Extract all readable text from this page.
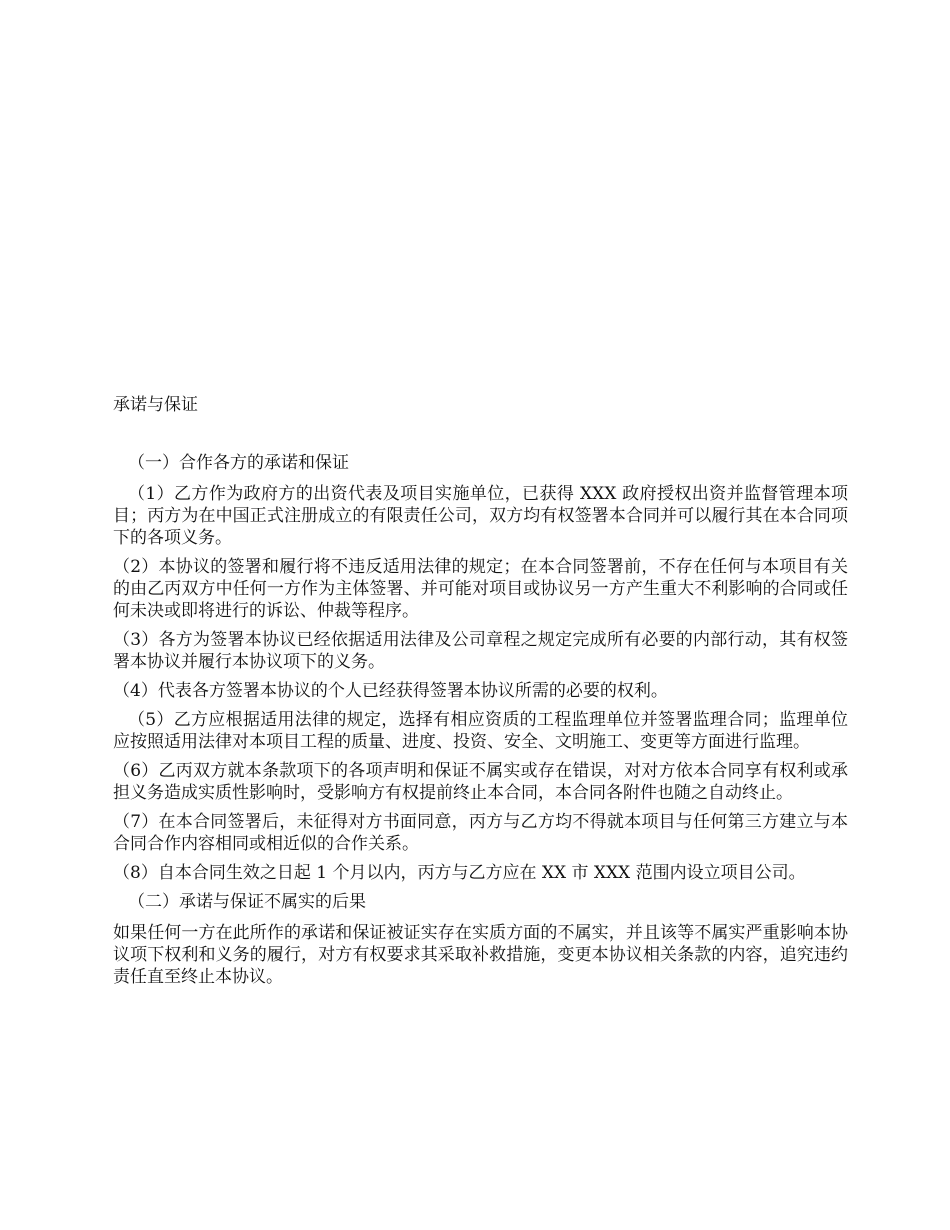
承诺与保证
（一）合作各方的承诺和保证
（1）乙方作为政府方的出资代表及项目实施单位，已获得 XXX 政府授权出资并监督管理本项目；丙方为在中国正式注册成立的有限责任公司，双方均有权签署本合同并可以履行其在本合同项下的各项义务。
（2）本协议的签署和履行将不违反适用法律的规定；在本合同签署前，不存在任何与本项目有关的由乙丙双方中任何一方作为主体签署、并可能对项目或协议另一方产生重大不利影响的合同或任何未决或即将进行的诉讼、仲裁等程序。
（3）各方为签署本协议已经依据适用法律及公司章程之规定完成所有必要的内部行动，其有权签署本协议并履行本协议项下的义务。
（4）代表各方签署本协议的个人已经获得签署本协议所需的必要的权利。
（5）乙方应根据适用法律的规定，选择有相应资质的工程监理单位并签署监理合同；监理单位应按照适用法律对本项目工程的质量、进度、投资、安全、文明施工、变更等方面进行监理。
（6）乙丙双方就本条款项下的各项声明和保证不属实或存在错误，对对方依本合同享有权利或承担义务造成实质性影响时，受影响方有权提前终止本合同，本合同各附件也随之自动终止。
（7）在本合同签署后，未征得对方书面同意，丙方与乙方均不得就本项目与任何第三方建立与本合同合作内容相同或相近似的合作关系。
（8）自本合同生效之日起 1 个月以内，丙方与乙方应在 XX 市 XXX 范围内设立项目公司。
（二）承诺与保证不属实的后果
如果任何一方在此所作的承诺和保证被证实存在实质方面的不属实，并且该等不属实严重影响本协议项下权利和义务的履行，对方有权要求其采取补救措施，变更本协议相关条款的内容，追究违约责任直至终止本协议。
